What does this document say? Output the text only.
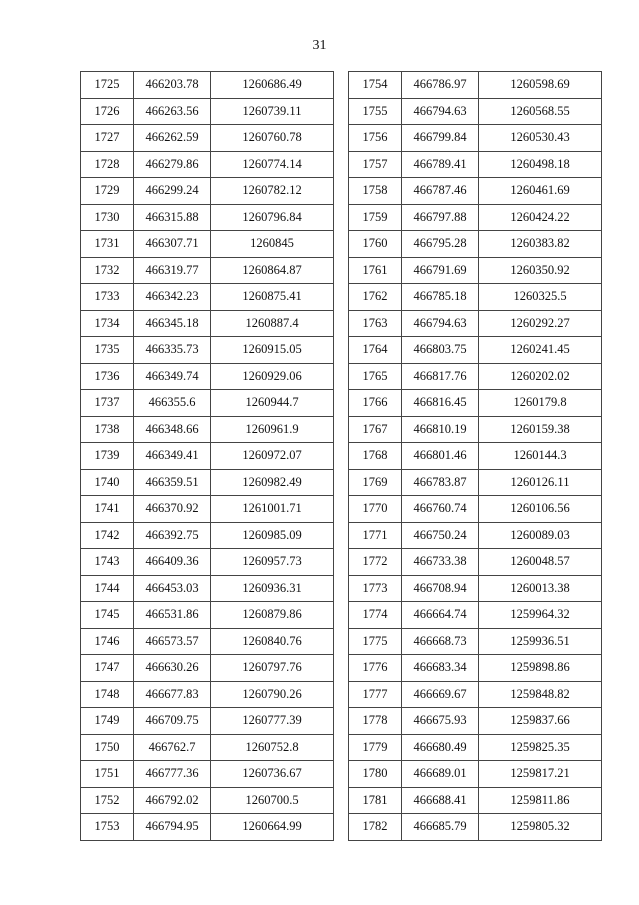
31
1725	466203.78	1260686.49
1726	466263.56	1260739.11
1727	466262.59	1260760.78
1728	466279.86	1260774.14
1729	466299.24	1260782.12
1730	466315.88	1260796.84
1731	466307.71	1260845
1732	466319.77	1260864.87
1733	466342.23	1260875.41
1734	466345.18	1260887.4
1735	466335.73	1260915.05
1736	466349.74	1260929.06
1737	466355.6	1260944.7
1738	466348.66	1260961.9
1739	466349.41	1260972.07
1740	466359.51	1260982.49
1741	466370.92	1261001.71
1742	466392.75	1260985.09
1743	466409.36	1260957.73
1744	466453.03	1260936.31
1745	466531.86	1260879.86
1746	466573.57	1260840.76
1747	466630.26	1260797.76
1748	466677.83	1260790.26
1749	466709.75	1260777.39
1750	466762.7	1260752.8
1751	466777.36	1260736.67
1752	466792.02	1260700.5
1753	466794.95	1260664.99
1754	466786.97	1260598.69
1755	466794.63	1260568.55
1756	466799.84	1260530.43
1757	466789.41	1260498.18
1758	466787.46	1260461.69
1759	466797.88	1260424.22
1760	466795.28	1260383.82
1761	466791.69	1260350.92
1762	466785.18	1260325.5
1763	466794.63	1260292.27
1764	466803.75	1260241.45
1765	466817.76	1260202.02
1766	466816.45	1260179.8
1767	466810.19	1260159.38
1768	466801.46	1260144.3
1769	466783.87	1260126.11
1770	466760.74	1260106.56
1771	466750.24	1260089.03
1772	466733.38	1260048.57
1773	466708.94	1260013.38
1774	466664.74	1259964.32
1775	466668.73	1259936.51
1776	466683.34	1259898.86
1777	466669.67	1259848.82
1778	466675.93	1259837.66
1779	466680.49	1259825.35
1780	466689.01	1259817.21
1781	466688.41	1259811.86
1782	466685.79	1259805.32
